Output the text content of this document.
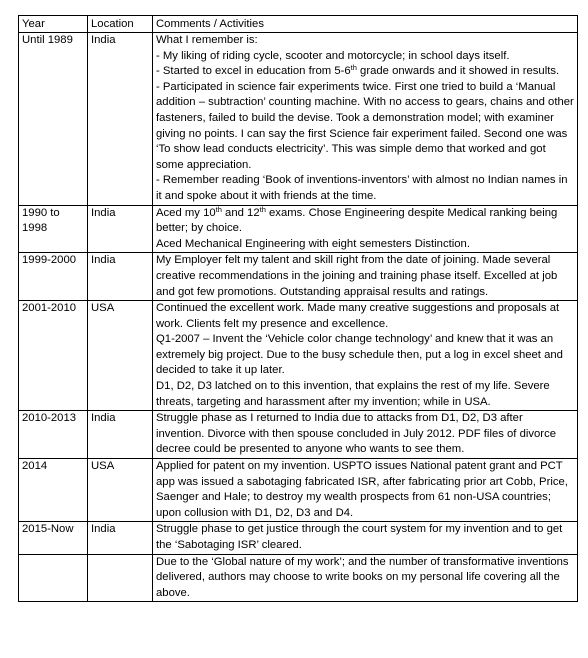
Year	Location	Comments / Activities
Until 1989	India	What I remember is:
- My liking of riding cycle, scooter and motorcycle; in school days itself.
- Started to excel in education from 5-6th grade onwards and it showed in results.
- Participated in science fair experiments twice. First one tried to build a ‘Manual addition – subtraction’ counting machine. With no access to gears, chains and other fasteners, failed to build the devise. Took a demonstration model; with examiner giving no points. I can say the first Science fair experiment failed. Second one was ‘To show lead conducts electricity’. This was simple demo that worked and got some appreciation.
- Remember reading ‘Book of inventions-inventors’ with almost no Indian names in it and spoke about it with friends at the time.

1990 to 1998	India	Aced my 10th and 12th exams. Chose Engineering despite Medical ranking being better; by choice.
Aced Mechanical Engineering with eight semesters Distinction.

1999-2000	India	My Employer felt my talent and skill right from the date of joining. Made several creative recommendations in the joining and training phase itself. Excelled at job and got few promotions. Outstanding appraisal results and ratings.

2001-2010	USA	Continued the excellent work. Made many creative suggestions and proposals at work. Clients felt my presence and excellence.
Q1-2007 – Invent the ‘Vehicle color change technology’ and knew that it was an extremely big project. Due to the busy schedule then, put a log in excel sheet and decided to take it up later.
D1, D2, D3 latched on to this invention, that explains the rest of my life. Severe threats, targeting and harassment after my invention; while in USA.

2010-2013	India	Struggle phase as I returned to India due to attacks from D1, D2, D3 after invention. Divorce with then spouse concluded in July 2012. PDF files of divorce decree could be presented to anyone who wants to see them.

2014	USA	Applied for patent on my invention. USPTO issues National patent grant and PCT app was issued a sabotaging fabricated ISR, after fabricating prior art Cobb, Price, Saenger and Hale; to destroy my wealth prospects from 61 non-USA countries; upon collusion with D1, D2, D3 and D4.

2015-Now	India	Struggle phase to get justice through the court system for my invention and to get the ‘Sabotaging ISR’ cleared.

		Due to the ‘Global nature of my work’; and the number of transformative inventions delivered, authors may choose to write books on my personal life covering all the above.
